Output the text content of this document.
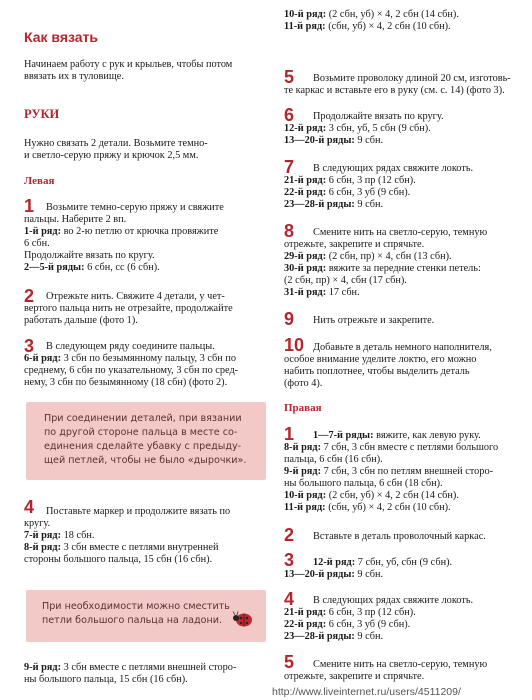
Как вязать
Начинаем работу с рук и крыльев, чтобы потом
ввязать их в туловище.
РУКИ
Нужно связать 2 детали. Возьмите темно-
и светло-серую пряжу и крючок 2,5 мм.
Левая
1 Возьмите темно-серую пряжу и свяжите
пальцы. Наберите 2 вп.
1-й ряд: во 2-ю петлю от крючка провяжите
6 сбн.
Продолжайте вязать по кругу.
2—5-й ряды: 6 сбн, сс (6 сбн).
2 Отрежьте нить. Свяжите 4 детали, у чет-
вертого пальца нить не отрезайте, продолжайте
работать дальше (фото 1).
3 В следующем ряду соедините пальцы.
6-й ряд: 3 сбн по безымянному пальцу, 3 сбн по
среднему, 6 сбн по указательному, 3 сбн по сред-
нему, 3 сбн по безымянному (18 сбн) (фото 2).
При соединении деталей, при вязании
по другой стороне пальца в месте со-
единения сделайте убавку с предыду-
щей петлей, чтобы не было «дырочки».
4 Поставьте маркер и продолжите вязать по
кругу.
7-й ряд: 18 сбн.
8-й ряд: 3 сбн вместе с петлями внутренней
стороны большого пальца, 15 сбн (16 сбн).
При необходимости можно сместить
петли большого пальца на ладони.
9-й ряд: 3 сбн вместе с петлями внешней сторо-
ны большого пальца, 15 сбн (16 сбн).
10-й ряд: (2 сбн, уб) × 4, 2 сбн (14 сбн).
11-й ряд: (сбн, уб) × 4, 2 сбн (10 сбн).
5 Возьмите проволоку длиной 20 см, изготовь-
те каркас и вставьте его в руку (см. с. 14) (фото 3).
6 Продолжайте вязать по кругу.
12-й ряд: 3 сбн, уб, 5 сбн (9 сбн).
13—20-й ряды: 9 сбн.
7 В следующих рядах свяжите локоть.
21-й ряд: 6 сбн, 3 пр (12 сбн).
22-й ряд: 6 сбн, 3 уб (9 сбн).
23—28-й ряды: 9 сбн.
8 Смените нить на светло-серую, темную
отрежьте, закрепите и спрячьте.
29-й ряд: (2 сбн, пр) × 4, сбн (13 сбн).
30-й ряд: вяжите за передние стенки петель:
(2 сбн, пр) × 4, сбн (17 сбн).
31-й ряд: 17 сбн.
9 Нить отрежьте и закрепите.
10 Добавьте в деталь немного наполнителя,
особое внимание уделите локтю, его можно
набить поплотнее, чтобы выделить деталь
(фото 4).
Правая
1 1—7-й ряды: вяжите, как левую руку.
8-й ряд: 7 сбн, 3 сбн вместе с петлями большого
пальца, 6 сбн (16 сбн).
9-й ряд: 7 сбн, 3 сбн по петлям внешней сторо-
ны большого пальца, 6 сбн (18 сбн).
10-й ряд: (2 сбн, уб) × 4, 2 сбн (14 сбн).
11-й ряд: (сбн, уб) × 4, 2 сбн (10 сбн).
2 Вставьте в деталь проволочный каркас.
3 12-й ряд: 7 сбн, уб, сбн (9 сбн).
13—20-й ряды: 9 сбн.
4 В следующих рядах свяжите локоть.
21-й ряд: 6 сбн, 3 пр (12 сбн).
22-й ряд: 6 сбн, 3 уб (9 сбн).
23—28-й ряды: 9 сбн.
5 Смените нить на светло-серую, темную
отрежьте, закрепите и спрячьте.
http://www.liveinternet.ru/users/4511209/
